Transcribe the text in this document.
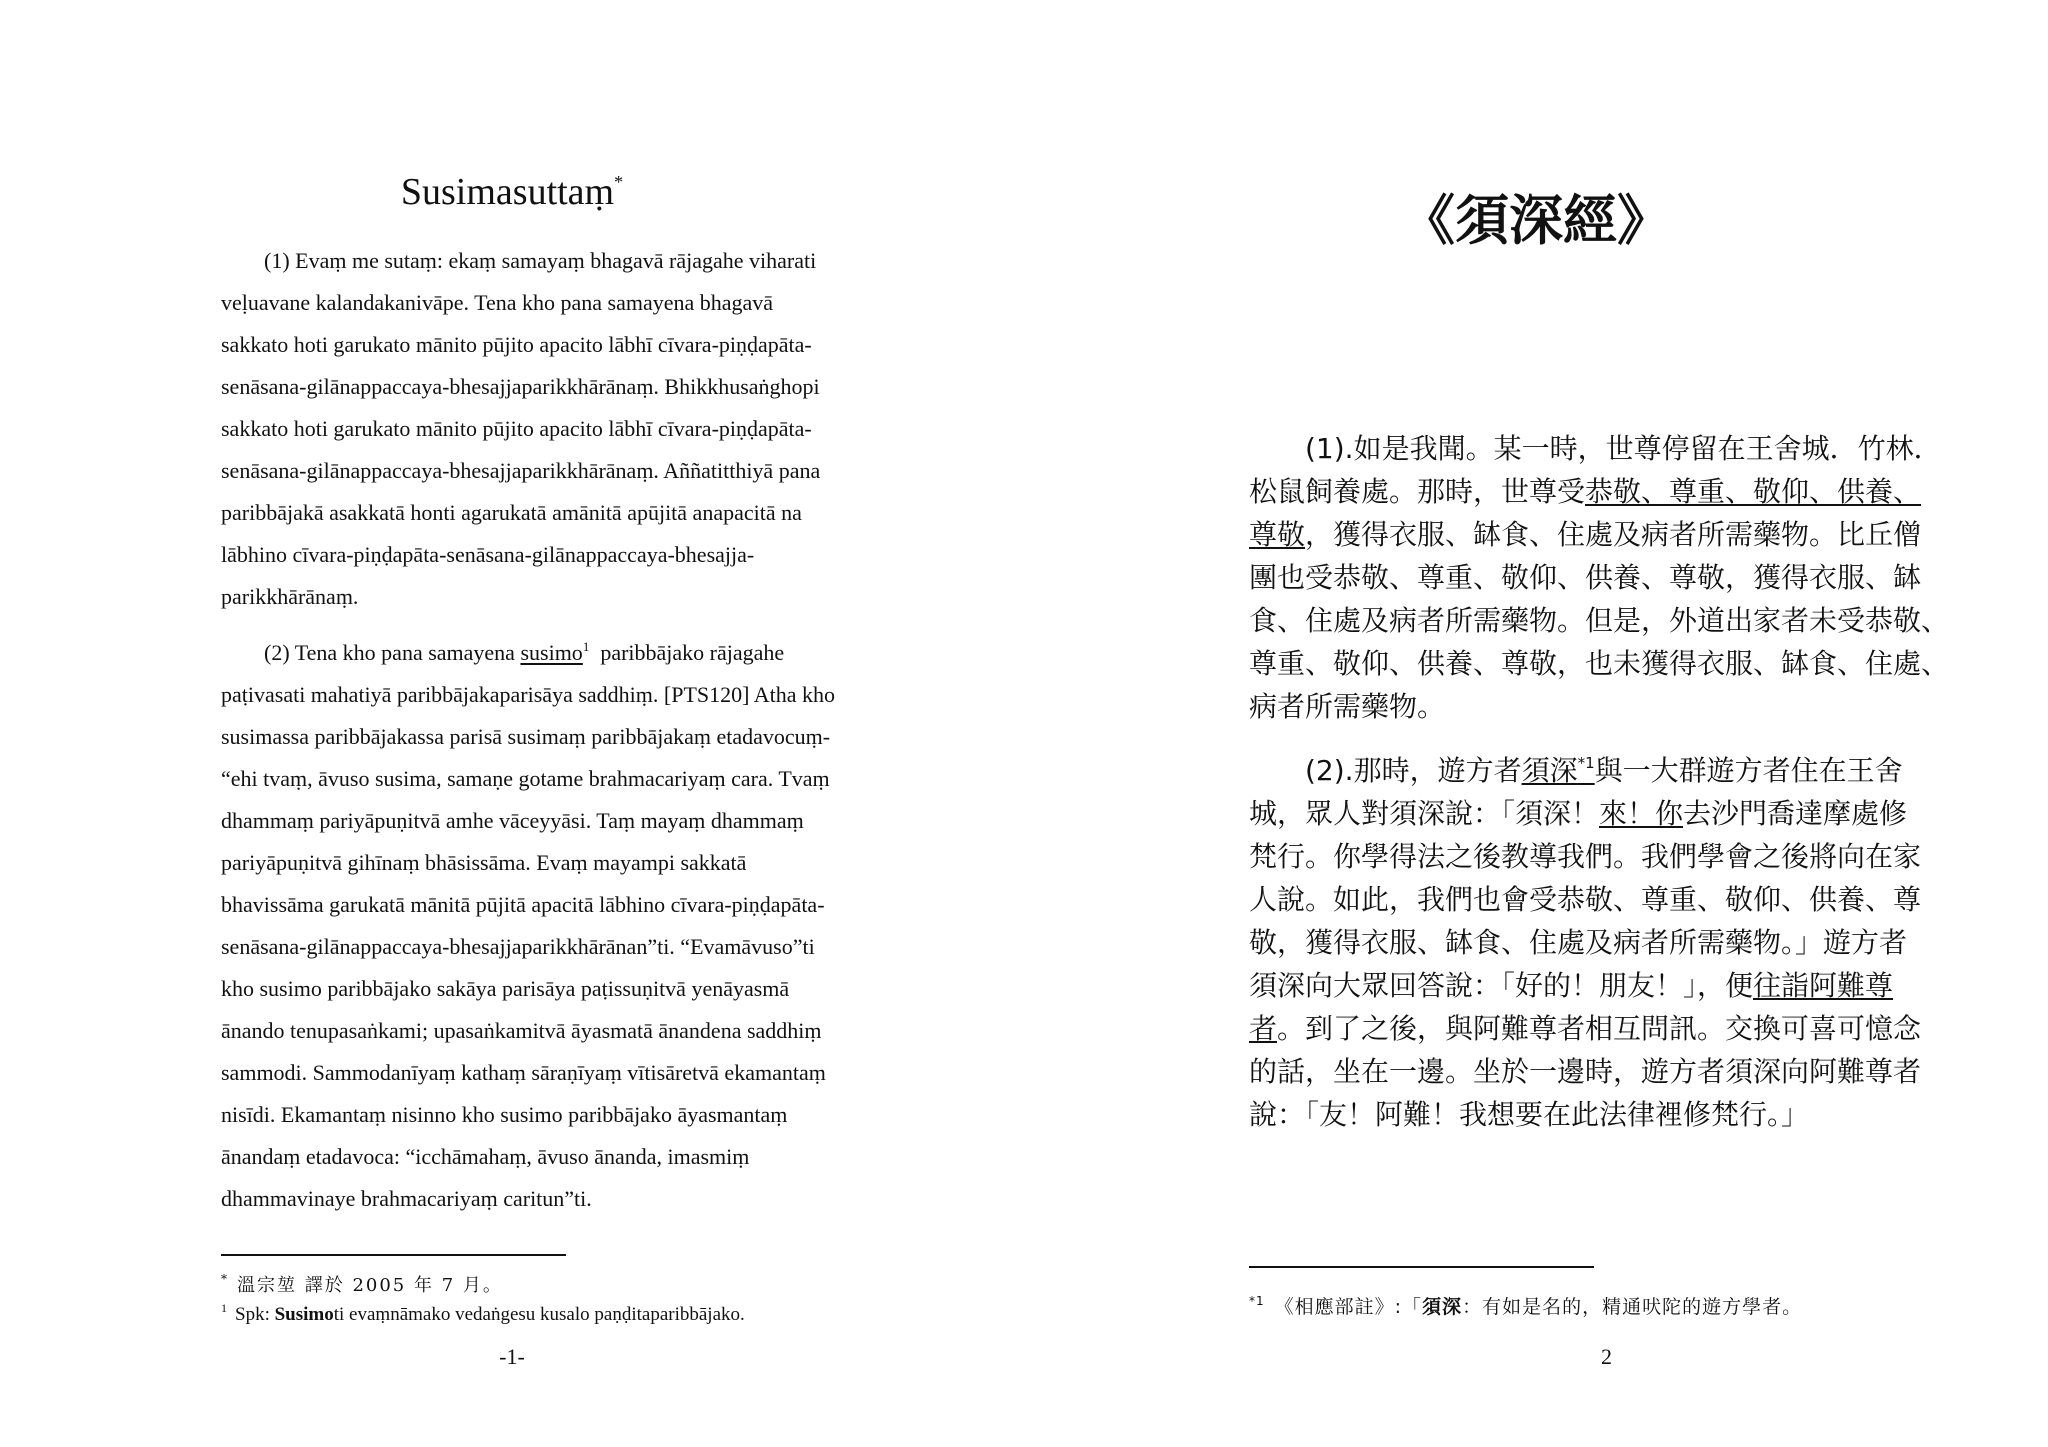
Susimasuttaṃ*

(1) Evaṃ me sutaṃ: ekaṃ samayaṃ bhagavā rājagahe viharati
veḷuavane kalandakanivāpe. Tena kho pana samayena bhagavā
sakkato hoti garukato mānito pūjito apacito lābhī cīvara-piṇḍapāta-
senāsana-gilānappaccaya-bhesajjaparikkhārānaṃ. Bhikkhusaṅghopi
sakkato hoti garukato mānito pūjito apacito lābhī cīvara-piṇḍapāta-
senāsana-gilānappaccaya-bhesajjaparikkhārānaṃ. Aññatitthiyā pana
paribbājakā asakkatā honti agarukatā amānitā apūjitā anapacitā na
lābhino cīvara-piṇḍapāta-senāsana-gilānappaccaya-bhesajja-
parikkhārānaṃ.

(2) Tena kho pana samayena susimo$^1$  paribbājako rājagahe
paṭivasati mahatiyā paribbājakaparisāya saddhiṃ. [PTS120] Atha kho
susimassa paribbājakassa parisā susimaṃ paribbājakaṃ etadavocuṃ-
“ehi tvaṃ, āvuso susima, samaṇe gotame brahmacariyaṃ cara. Tvaṃ
dhammaṃ pariyāpuṇitvā amhe vāceyyāsi. Taṃ mayaṃ dhammaṃ
pariyāpuṇitvā gihīnaṃ bhāsissāma. Evaṃ mayampi sakkatā
bhavissāma garukatā mānitā pūjitā apacitā lābhino cīvara-piṇḍapāta-
senāsana-gilānappaccaya-bhesajjaparikkhārānan”ti. “Evamāvuso”ti
kho susimo paribbājako sakāya parisāya paṭissuṇitvā yenāyasmā
ānando tenupasaṅkami; upasaṅkamitvā āyasmatā ānandena saddhiṃ
sammodi. Sammodanīyaṃ kathaṃ sāraṇīyaṃ vītisāretvā ekamantaṃ
nisīdi. Ekamantaṃ nisinno kho susimo paribbājako āyasmantaṃ
ānandaṃ etadavoca: “icchāmahaṃ, āvuso ānanda, imasmiṃ
dhammavinaye brahmacariyaṃ caritun”ti.

* 溫宗堃 譯於 2005 年 7 月。
$^1$ Spk: Susimoti evaṃnāmako vedaṅgesu kusalo paṇḍitaparibbājako.
-1-
《須深經》

(1).如是我聞。某一時，世尊停留在王舍城．竹林．
松鼠飼養處。那時，世尊受恭敬、尊重、敬仰、供養、
尊敬，獲得衣服、缽食、住處及病者所需藥物。比丘僧
團也受恭敬、尊重、敬仰、供養、尊敬，獲得衣服、缽
食、住處及病者所需藥物。但是，外道出家者未受恭敬、
尊重、敬仰、供養、尊敬，也未獲得衣服、缽食、住處、
病者所需藥物。

(2).那時，遊方者須深$^{*1}$與一大群遊方者住在王舍
城，眾人對須深說：「須深！來！你去沙門喬達摩處修
梵行。你學得法之後教導我們。我們學會之後將向在家
人說。如此，我們也會受恭敬、尊重、敬仰、供養、尊
敬，獲得衣服、缽食、住處及病者所需藥物。」遊方者
須深向大眾回答說：「好的！朋友！」，便往詣阿難尊
者。到了之後，與阿難尊者相互問訊。交換可喜可憶念
的話，坐在一邊。坐於一邊時，遊方者須深向阿難尊者
說：「友！阿難！我想要在此法律裡修梵行。」

$^{*1}$ 《相應部註》:「須深：有如是名的，精通吠陀的遊方學者。
2
